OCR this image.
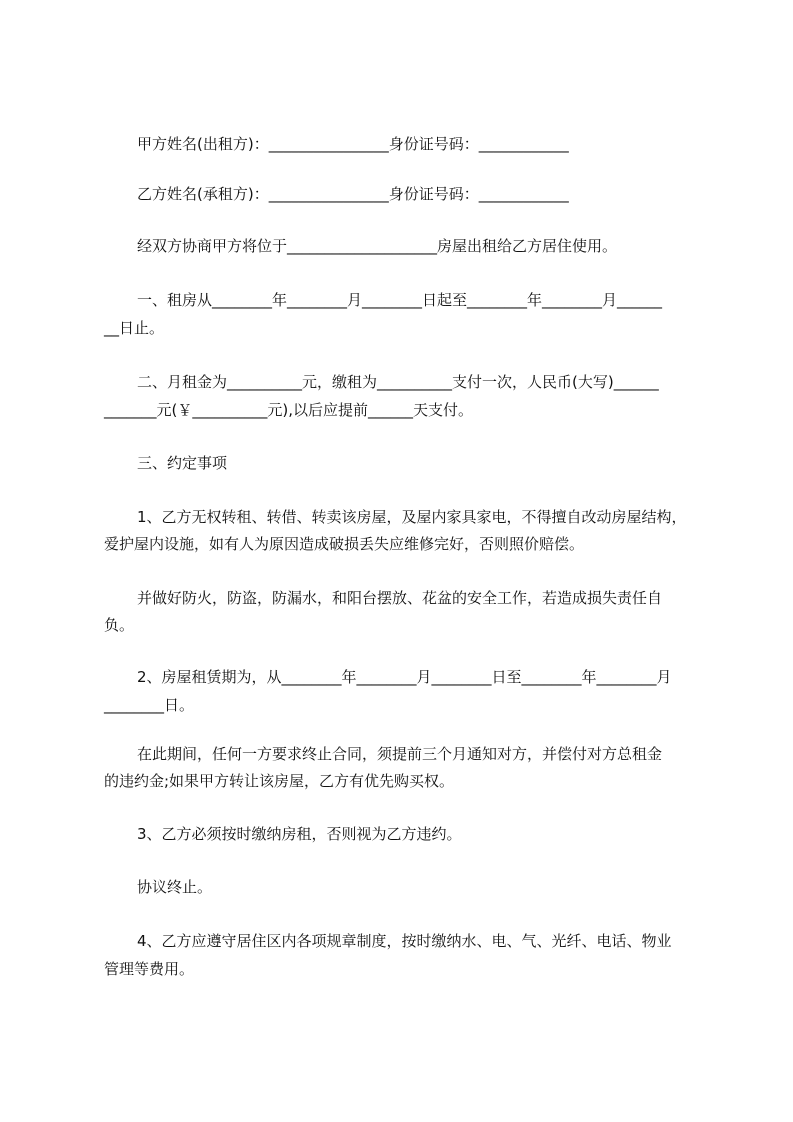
甲方姓名(出租方)：________________身份证号码：____________
乙方姓名(承租方)：________________身份证号码：____________
经双方协商甲方将位于____________________房屋出租给乙方居住使用。
一、租房从________年________月________日起至________年________月______
__日止。
二、月租金为__________元，缴租为__________支付一次，人民币(大写)______
_______元(￥__________元),以后应提前______天支付。
三、约定事项
1、乙方无权转租、转借、转卖该房屋，及屋内家具家电，不得擅自改动房屋结构，
爱护屋内设施，如有人为原因造成破损丢失应维修完好，否则照价赔偿。
并做好防火，防盗，防漏水，和阳台摆放、花盆的安全工作，若造成损失责任自
负。
2、房屋租赁期为，从________年________月________日至________年________月
________日。
在此期间，任何一方要求终止合同，须提前三个月通知对方，并偿付对方总租金
的违约金;如果甲方转让该房屋，乙方有优先购买权。
3、乙方必须按时缴纳房租，否则视为乙方违约。
协议终止。
4、乙方应遵守居住区内各项规章制度，按时缴纳水、电、气、光纤、电话、物业
管理等费用。
